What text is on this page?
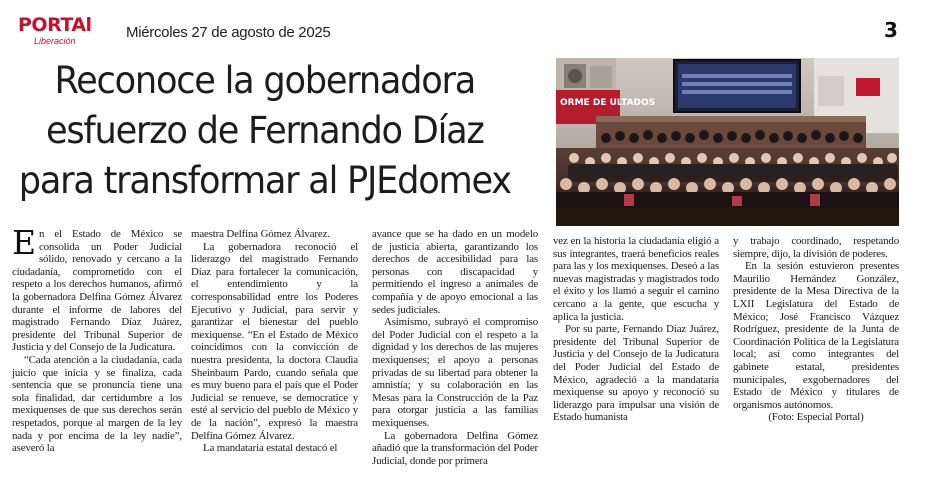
PORTAl
Liberación	Miércoles 27 de agosto de 2025	3
Reconoce la gobernadora
esfuerzo de Fernando Díaz
para transformar al PJEdomex
ORME DE ULTADOS

En el Estado de México se consolida un Poder Judicial sólido, renovado y cercano a la ciudadanía, comprometido con el respeto a los derechos humanos, afirmó la gobernadora Delfina Gómez Álvarez durante el informe de labores del magistrado Fernando Díaz Juárez, presidente del Tribunal Superior de Justicia y del Consejo de la Judicatura.

“Cada atención a la ciudadanía, cada juicio que inicia y se finaliza, cada sentencia que se pronuncia tiene una sola finalidad, dar certidumbre a los mexiquenses de que sus derechos serán respetados, porque al margen de la ley nada y por encima de la ley nadie”, aseveró la

maestra Delfina Gómez Álvarez.

La gobernadora reconoció el liderazgo del magistrado Fernando Díaz para fortalecer la comunicación, el entendimiento y la corresponsabilidad entre los Poderes Ejecutivo y Judicial, para servir y garantizar el bienestar del pueblo mexiquense. “En el Estado de México coincidimos con la convicción de nuestra presidenta, la doctora Claudia Sheinbaum Pardo, cuando señala que es muy bueno para el país que el Poder Judicial se renueve, se democratice y esté al servicio del pueblo de México y de la nación”, expresó la maestra Delfina Gómez Álvarez.

La mandataria estatal destacó el

avance que se ha dado en un modelo de justicia abierta, garantizando los derechos de accesibilidad para las personas con discapacidad y permitiendo el ingreso a animales de compañía y de apoyo emocional a las sedes judiciales.

Asimismo, subrayó el compromiso del Poder Judicial con el respeto a la dignidad y los derechos de las mujeres mexiquenses; el apoyo a personas privadas de su libertad para obtener la amnistía; y su colaboración en las Mesas para la Construcción de la Paz para otorgar justicia a las familias mexiquenses.

La gobernadora Delfina Gómez añadió que la transformación del Poder Judicial, donde por primera

vez en la historia la ciudadanía eligió a sus integrantes, traerá beneficios reales para las y los mexiquenses. Deseó a las nuevas magistradas y magistrados todo el éxito y los llamó a seguir el camino cercano a la gente, que escucha y aplica la justicia.

Por su parte, Fernando Díaz Juárez, presidente del Tribunal Superior de Justicia y del Consejo de la Judicatura del Poder Judicial del Estado de México, agradeció a la mandataria mexiquense su apoyo y reconoció su liderazgo para impulsar una visión de Estado humanista

y trabajo coordinado, respetando siempre, dijo, la división de poderes.

En la sesión estuvieron presentes Maurilio Hernández González, presidente de la Mesa Directiva de la LXII Legislatura del Estado de México; José Francisco Vázquez Rodríguez, presidente de la Junta de Coordinación Política de la Legislatura local; así como integrantes del gabinete estatal, presidentes municipales, exgobernadores del Estado de México y titulares de organismos autónomos.

(Foto: Especial Portal)
